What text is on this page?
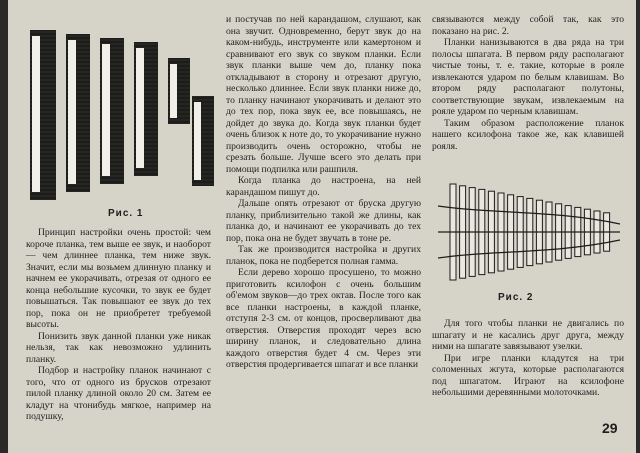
Рис. 1

Принцип настройки очень простой: чем короче планка, тем выше ее звук, и наоборот — чем длиннее планка, тем ниже звук. Значит, если мы возьмем длинную планку и начнем ее укорачивать, отрезая от одного ее конца небольшие кусочки, то звук ее будет повышаться. Так повышают ее звук до тех пор, пока он не приобретет требуемой высоты.

Понизить звук данной планки уже никак нельзя, так как невозможно удлинить планку.

Подбор и настройку планок начинают с того, что от одного из брусков отрезают пилой планку длиной около 20 см. Затем ее кладут на чтонибудь мягкое, например на подушку,

и постучав по ней карандашом, слушают, как она звучит. Одновременно, берут звук до на каком-нибудь, инструменте или камертоном и сравнивают его звук со звуком планки. Если звук планки выше чем до, планку пока откладывают в сторону и отрезают другую, несколько длиннее. Если звук планки ниже до, то планку начинают укорачивать и делают это до тех пор, пока звук ее, все повышаясь, не дойдет до звука до. Когда звук планки будет очень близок к ноте до, то укорачивание нужно производить очень осторожно, чтобы не срезать больше. Лучше всего это делать при помощи подпилка или рашпиля.

Когда планка до настроена, на ней карандашом пишут до.

Дальше опять отрезают от бруска другую планку, приблизительно такой же длины, как планка до, и начинают ее укорачивать до тех пор, пока она не будет звучать в тоне ре.

Так же производится настройка и других планок, пока не подберется полная гамма.

Если дерево хорошо просушено, то можно приготовить ксилофон с очень большим об'емом звуков—до трех октав. После того как все планки настроены, в каждой планке, отступя 2-3 см. от концов, просверливают два отверстия. Отверстия проходят через всю ширину планок, и следовательно длина каждого отверстия будет 4 см. Через эти отверстия продергивается шпагат и все планки

связываются между собой так, как это показано на рис. 2.

Планки нанизываются в два ряда на три полосы шпагата. В первом ряду располагают чистые тоны, т. е. такие, которые в рояле извлекаются ударом по белым клавишам. Во втором ряду располагают полутоны, соответствующие звукам, извлекаемым на рояле ударом по черным клавишам.

Таким образом расположение планок нашего ксилофона такое же, как клавишей рояля.

Рис. 2

Для того чтобы планки не двигались по шпагату и не касались друг друга, между ними на шпагате завязывают узелки.

При игре планки кладутся на три соломенных жгута, которые располагаются под шпагатом. Играют на ксилофоне небольшими деревянными молоточками.

29
